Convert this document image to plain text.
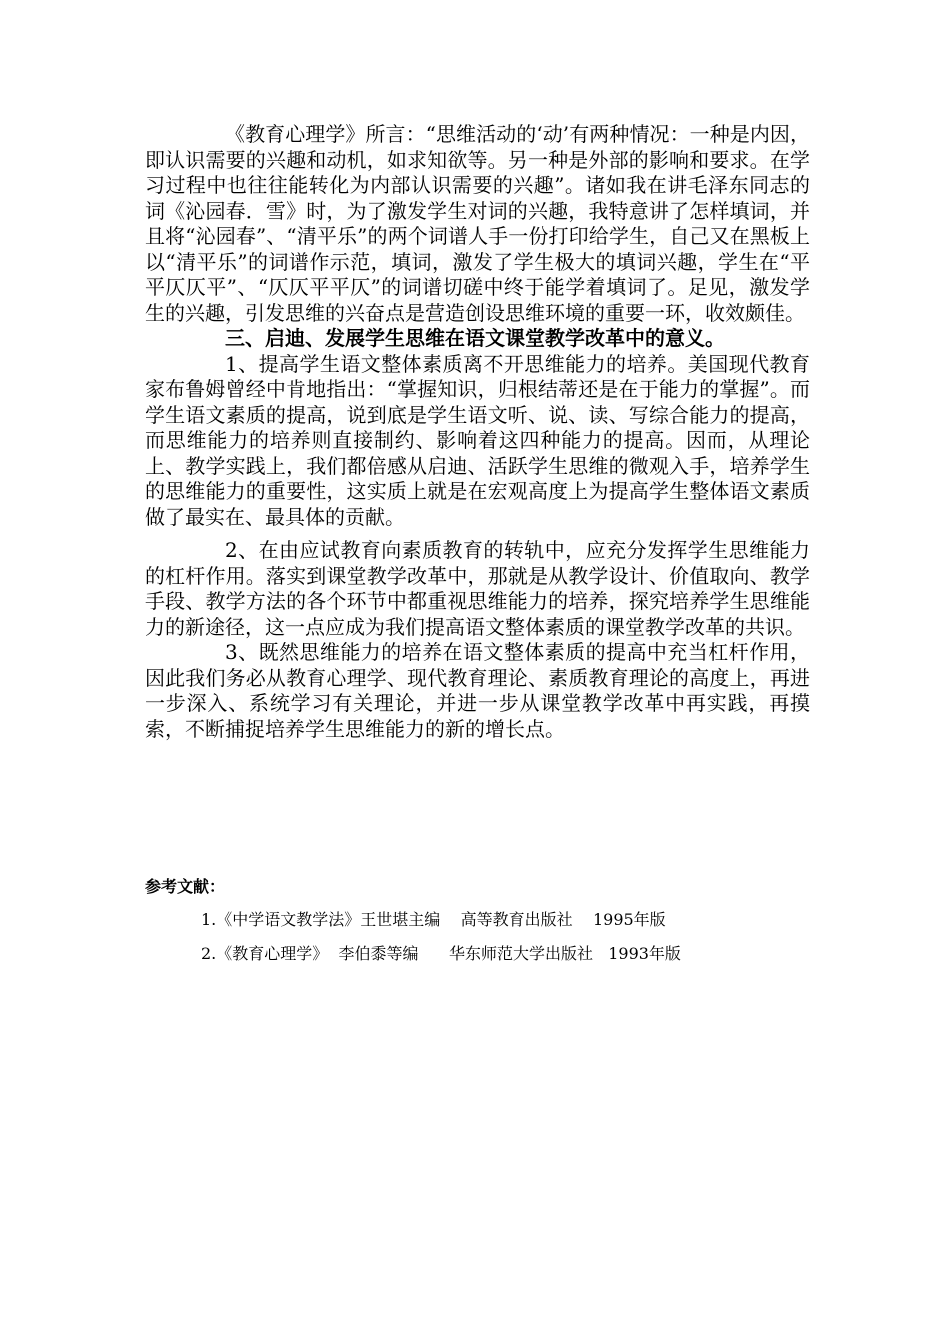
《教育心理学》所言：“思维活动的‘动’有两种情况：一种是内因，即认识需要的兴趣和动机，如求知欲等。另一种是外部的影响和要求。在学习过程中也往往能转化为内部认识需要的兴趣”。诸如我在讲毛泽东同志的词《沁园春．雪》时，为了激发学生对词的兴趣，我特意讲了怎样填词，并且将“沁园春”、“清平乐”的两个词谱人手一份打印给学生，自己又在黑板上以“清平乐”的词谱作示范，填词，激发了学生极大的填词兴趣，学生在“平平仄仄平”、“仄仄平平仄”的词谱切磋中终于能学着填词了。足见，激发学生的兴趣，引发思维的兴奋点是营造创设思维环境的重要一环，收效颇佳。

三、启迪、发展学生思维在语文课堂教学改革中的意义。

1、提高学生语文整体素质离不开思维能力的培养。美国现代教育家布鲁姆曾经中肯地指出：“掌握知识，归根结蒂还是在于能力的掌握”。而学生语文素质的提高，说到底是学生语文听、说、读、写综合能力的提高，而思维能力的培养则直接制约、影响着这四种能力的提高。因而，从理论上、教学实践上，我们都倍感从启迪、活跃学生思维的微观入手，培养学生的思维能力的重要性，这实质上就是在宏观高度上为提高学生整体语文素质做了最实在、最具体的贡献。

2、在由应试教育向素质教育的转轨中，应充分发挥学生思维能力的杠杆作用。落实到课堂教学改革中，那就是从教学设计、价值取向、教学手段、教学方法的各个环节中都重视思维能力的培养，探究培养学生思维能力的新途径，这一点应成为我们提高语文整体素质的课堂教学改革的共识。

3、既然思维能力的培养在语文整体素质的提高中充当杠杆作用，因此我们务必从教育心理学、现代教育理论、素质教育理论的高度上，再进一步深入、系统学习有关理论，并进一步从课堂教学改革中再实践，再摸索，不断捕捉培养学生思维能力的新的增长点。

参考文献：

1.《中学语文教学法》王世堪主编    高等教育出版社    1995年版
2.《教育心理学》  李伯黍等编      华东师范大学出版社   1993年版
